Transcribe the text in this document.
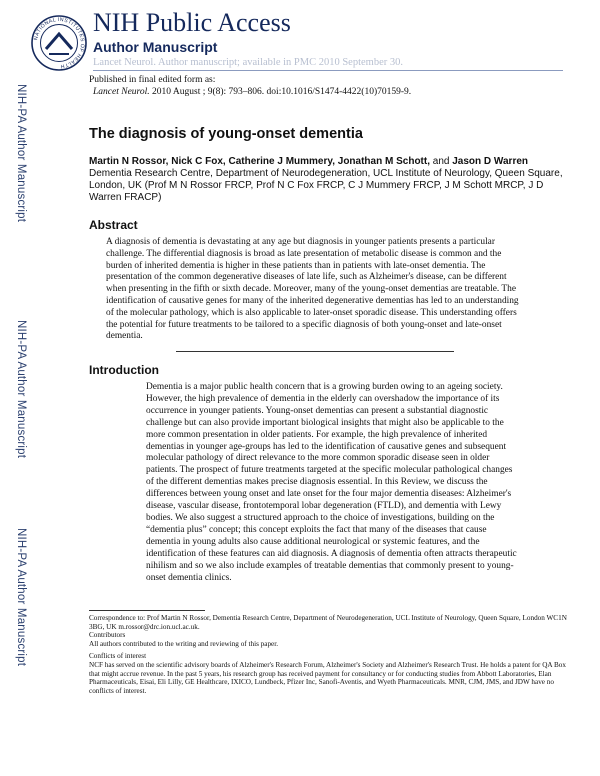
NIH-PA Author Manuscript
NIH-PA Author Manuscript
NIH-PA Author Manuscript
NATIONAL INSTITUTES OF HEALTH
NIH Public Access
Author Manuscript
Lancet Neurol. Author manuscript; available in PMC 2010 September 30.
Published in final edited form as:
Lancet Neurol. 2010 August ; 9(8): 793–806. doi:10.1016/S1474-4422(10)70159-9.
The diagnosis of young-onset dementia
Martin N Rossor, Nick C Fox, Catherine J Mummery, Jonathan M Schott, and Jason D Warren
Dementia Research Centre, Department of Neurodegeneration, UCL Institute of Neurology, Queen Square, London, UK (Prof M N Rossor FRCP, Prof N C Fox FRCP, C J Mummery FRCP, J M Schott MRCP, J D Warren FRACP)
Abstract

A diagnosis of dementia is devastating at any age but diagnosis in younger patients presents a particular challenge. The differential diagnosis is broad as late presentation of metabolic disease is common and the burden of inherited dementia is higher in these patients than in patients with late-onset dementia. The presentation of the common degenerative diseases of late life, such as Alzheimer's disease, can be different when presenting in the fifth or sixth decade. Moreover, many of the young-onset dementias are treatable. The identification of causative genes for many of the inherited degenerative dementias has led to an understanding of the molecular pathology, which is also applicable to later-onset sporadic disease. This understanding offers the potential for future treatments to be tailored to a specific diagnosis of both young-onset and late-onset dementia.

Introduction

Dementia is a major public health concern that is a growing burden owing to an ageing society. However, the high prevalence of dementia in the elderly can overshadow the importance of its occurrence in younger patients. Young-onset dementias can present a substantial diagnostic challenge but can also provide important biological insights that might also be applicable to the more common presentation in older patients. For example, the high prevalence of inherited dementias in younger age-groups has led to the identification of causative genes and subsequent molecular pathology of direct relevance to the more common sporadic disease seen in older patients. The prospect of future treatments targeted at the specific molecular pathological changes of the different dementias makes precise diagnosis essential. In this Review, we discuss the differences between young onset and late onset for the four major dementia diseases: Alzheimer's disease, vascular disease, frontotemporal lobar degeneration (FTLD), and dementia with Lewy bodies. We also suggest a structured approach to the choice of investigations, building on the “dementia plus” concept; this concept exploits the fact that many of the diseases that cause dementia in young adults also cause additional neurological or systemic features, and the identification of these features can aid diagnosis. A diagnosis of dementia often attracts therapeutic nihilism and so we also include examples of treatable dementias that commonly present to young-onset dementia clinics.

Correspondence to: Prof Martin N Rossor, Dementia Research Centre, Department of Neurodegeneration, UCL Institute of Neurology, Queen Square, London WC1N 3BG, UK m.rossor@drc.ion.ucl.ac.uk.

Contributors

All authors contributed to the writing and reviewing of this paper.

Conflicts of interest

NCF has served on the scientific advisory boards of Alzheimer's Research Forum, Alzheimer's Society and Alzheimer's Research Trust. He holds a patent for QA Box that might accrue revenue. In the past 5 years, his research group has received payment for consultancy or for conducting studies from Abbott Laboratories, Elan Pharmaceuticals, Eisai, Eli Lilly, GE Healthcare, IXICO, Lundbeck, Pfizer Inc, Sanofi-Aventis, and Wyeth Pharmaceuticals. MNR, CJM, JMS, and JDW have no conflicts of interest.
